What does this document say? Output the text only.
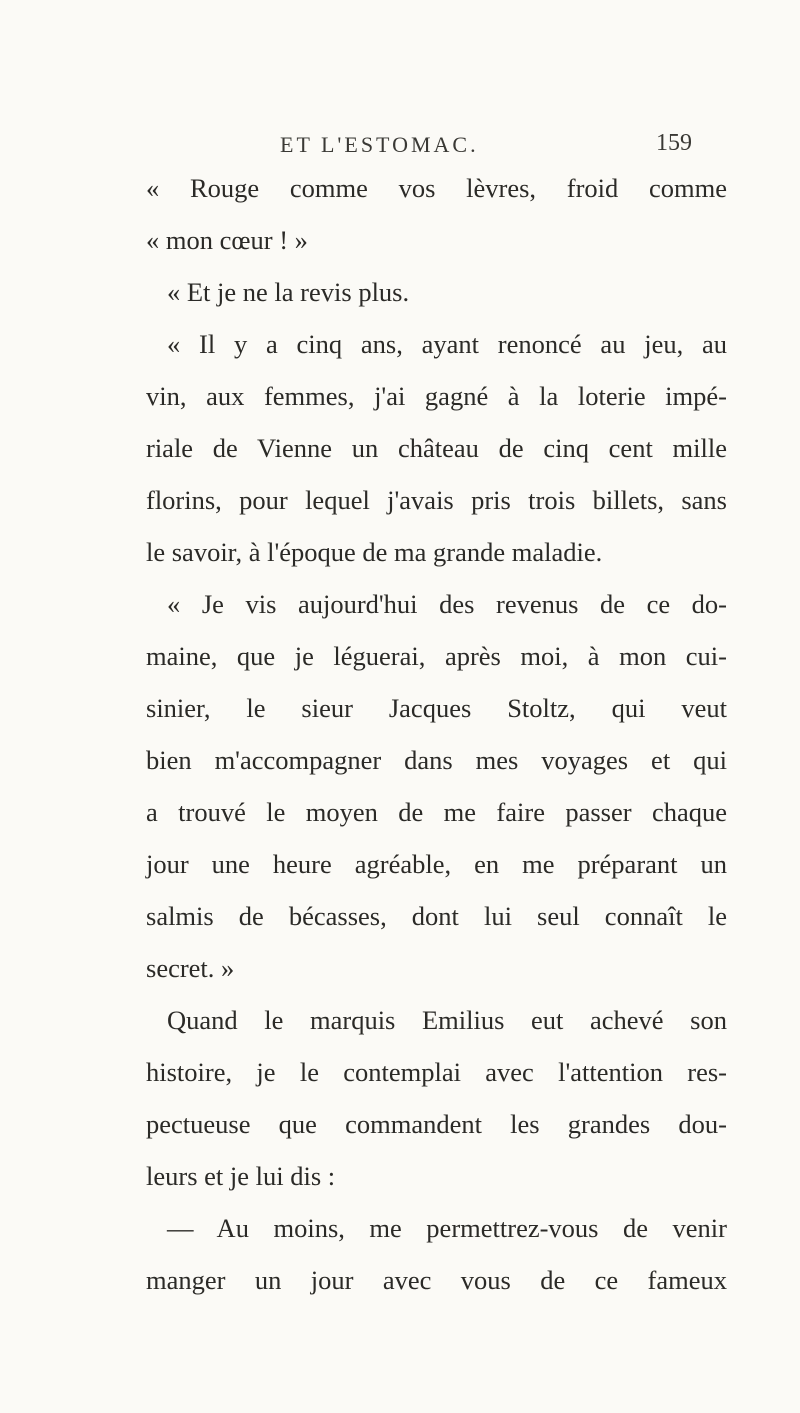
ET L'ESTOMAC.	159
« Rouge comme vos lèvres, froid comme
« mon cœur ! »
« Et je ne la revis plus.
« Il y a cinq ans, ayant renoncé au jeu, au
vin, aux femmes, j'ai gagné à la loterie impé-
riale de Vienne un château de cinq cent mille
florins, pour lequel j'avais pris trois billets, sans
le savoir, à l'époque de ma grande maladie.
« Je vis aujourd'hui des revenus de ce do-
maine, que je léguerai, après moi, à mon cui-
sinier, le sieur Jacques Stoltz, qui veut
bien m'accompagner dans mes voyages et qui
a trouvé le moyen de me faire passer chaque
jour une heure agréable, en me préparant un
salmis de bécasses, dont lui seul connaît le
secret. »
Quand le marquis Emilius eut achevé son
histoire, je le contemplai avec l'attention res-
pectueuse que commandent les grandes dou-
leurs et je lui dis :
— Au moins, me permettrez-vous de venir
manger un jour avec vous de ce fameux
